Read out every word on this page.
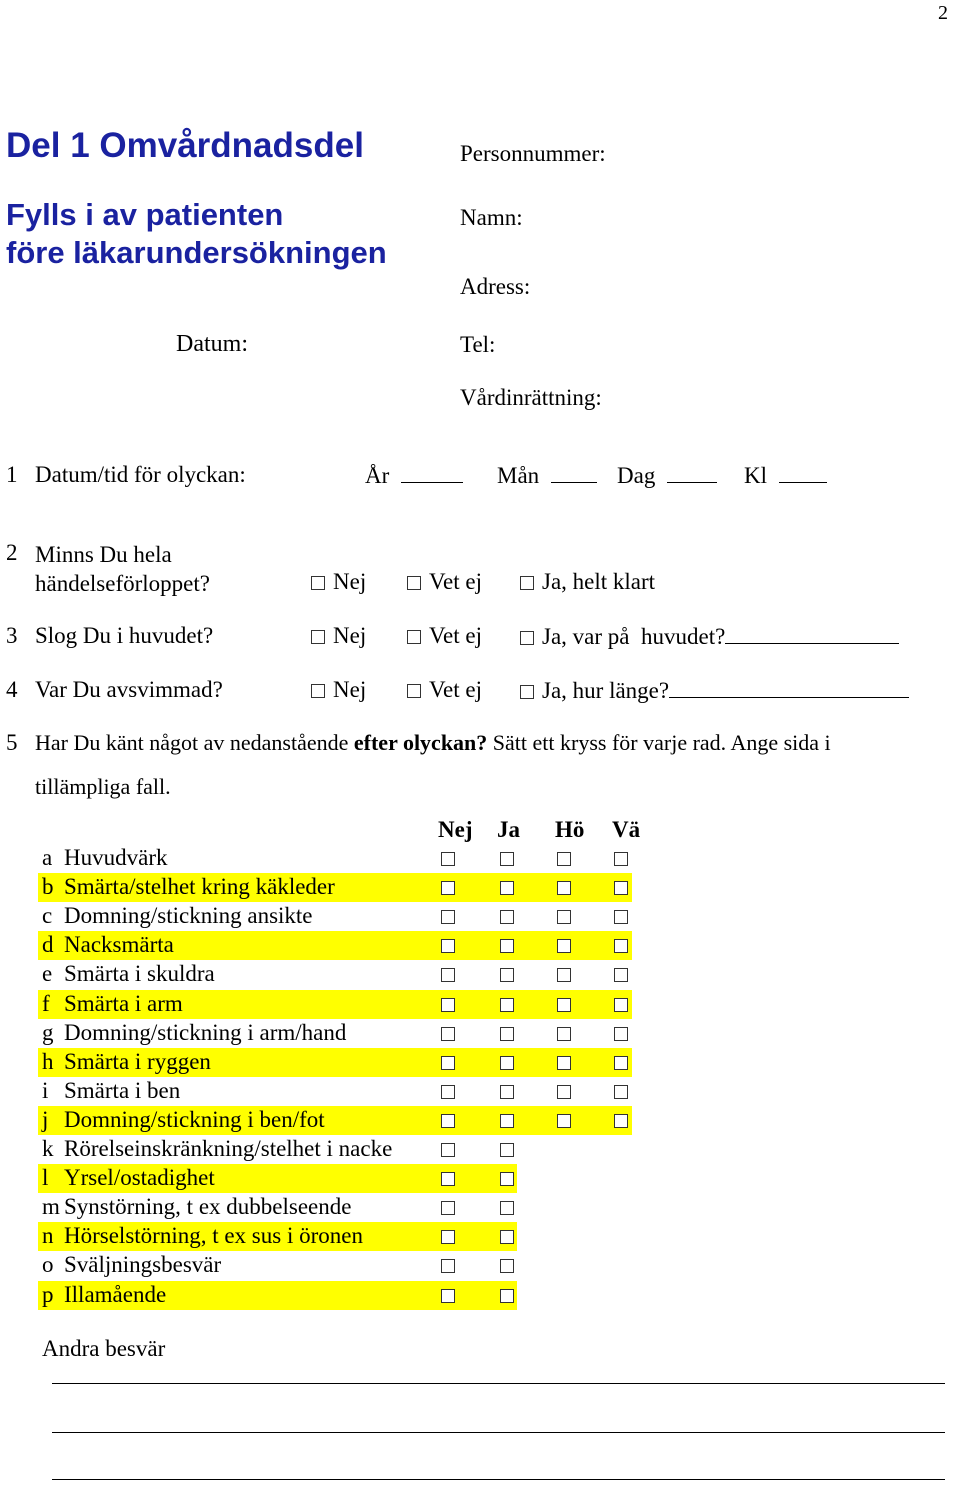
2
Del 1 Omvårdnadsdel
Fylls i av patienten
före läkarundersökningen
Datum:
Personnummer:
Namn:
Adress:
Tel:
Vårdinrättning:
1 Datum/tid för olyckan:	År	Mån	Dag	Kl
2 Minns Du hela
händelseförloppet?	Nej	Vet ej	Ja, helt klart
3 Slog Du i huvudet?	Nej	Vet ej	Ja, var på  huvudet?
4 Var Du avsvimmad?	Nej	Vet ej	Ja, hur länge?
5 Har Du känt något av nedanstående efter olyckan? Sätt ett kryss för varje rad. Ange sida i
tillämpliga fall.
Nej Ja Hö Vä
a Huvudvärk
b Smärta/stelhet kring käkleder
c Domning/stickning ansikte
d Nacksmärta
e Smärta i skuldra
f Smärta i arm
g Domning/stickning i arm/hand
h Smärta i ryggen
i Smärta i ben
j Domning/stickning i ben/fot
k Rörelseinskränkning/stelhet i nacke
l Yrsel/ostadighet
m Synstörning, t ex dubbelseende
n Hörselstörning, t ex sus i öronen
o Sväljningsbesvär
p Illamående
Andra besvär
